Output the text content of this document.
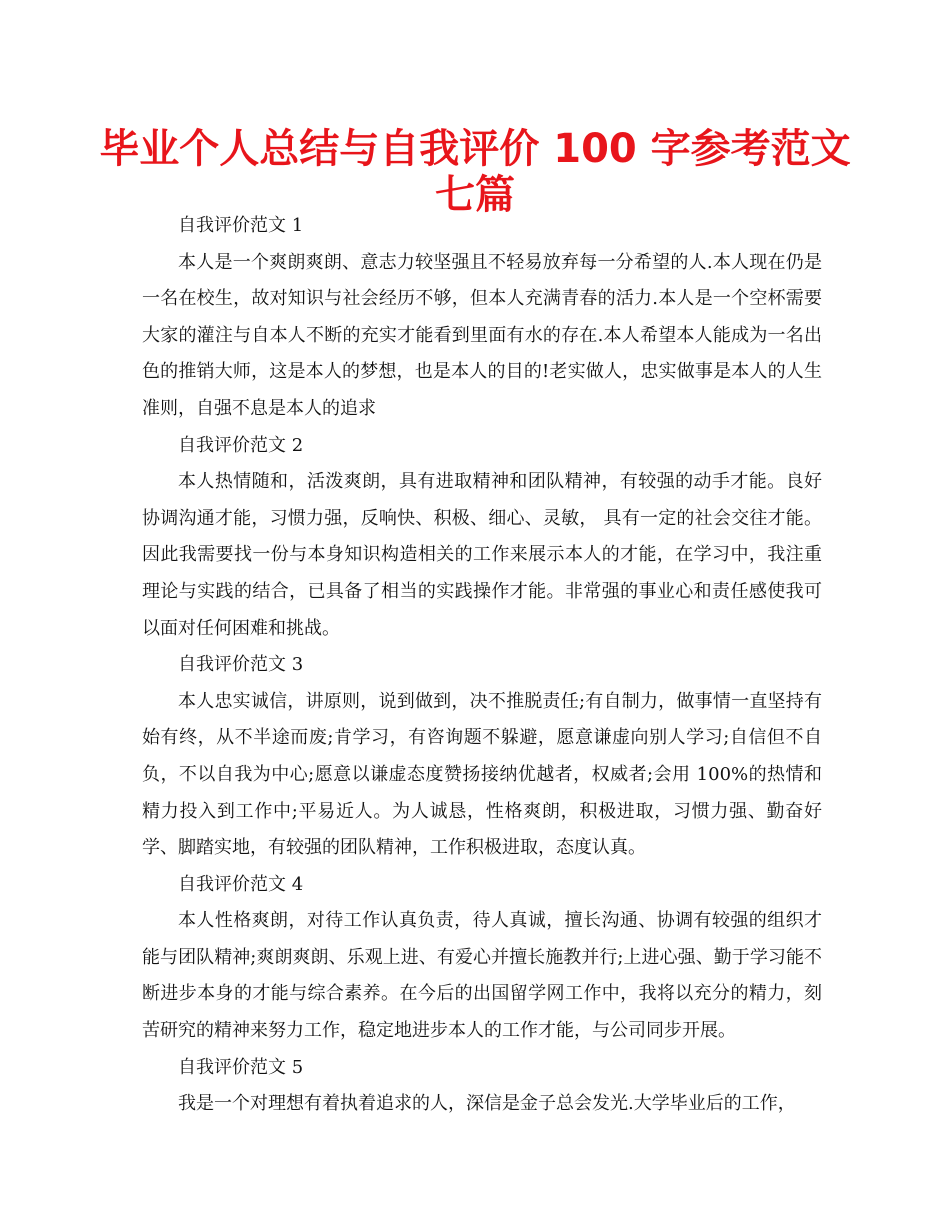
毕业个人总结与自我评价 100 字参考范文
七篇

自我评价范文 1

本人是一个爽朗爽朗、意志力较坚强且不轻易放弃每一分希望的人.本人现在仍是一名在校生，故对知识与社会经历不够，但本人充满青春的活力.本人是一个空杯需要大家的灌注与自本人不断的充实才能看到里面有水的存在.本人希望本人能成为一名出色的推销大师，这是本人的梦想，也是本人的目的!老实做人，忠实做事是本人的人生准则，自强不息是本人的追求

自我评价范文 2

本人热情随和，活泼爽朗，具有进取精神和团队精神，有较强的动手才能。良好协调沟通才能，习惯力强，反响快、积极、细心、灵敏， 具有一定的社会交往才能。因此我需要找一份与本身知识构造相关的工作来展示本人的才能，在学习中，我注重理论与实践的结合，已具备了相当的实践操作才能。非常强的事业心和责任感使我可以面对任何困难和挑战。

自我评价范文 3

本人忠实诚信，讲原则，说到做到，决不推脱责任;有自制力，做事情一直坚持有始有终，从不半途而废;肯学习，有咨询题不躲避，愿意谦虚向别人学习;自信但不自负，不以自我为中心;愿意以谦虚态度赞扬接纳优越者，权威者;会用 100%的热情和精力投入到工作中;平易近人。为人诚恳，性格爽朗，积极进取，习惯力强、勤奋好学、脚踏实地，有较强的团队精神，工作积极进取，态度认真。

自我评价范文 4

本人性格爽朗，对待工作认真负责，待人真诚，擅长沟通、协调有较强的组织才能与团队精神;爽朗爽朗、乐观上进、有爱心并擅长施教并行;上进心强、勤于学习能不断进步本身的才能与综合素养。在今后的出国留学网工作中，我将以充分的精力，刻苦研究的精神来努力工作，稳定地进步本人的工作才能，与公司同步开展。

自我评价范文 5

我是一个对理想有着执着追求的人，深信是金子总会发光.大学毕业后的工作，
